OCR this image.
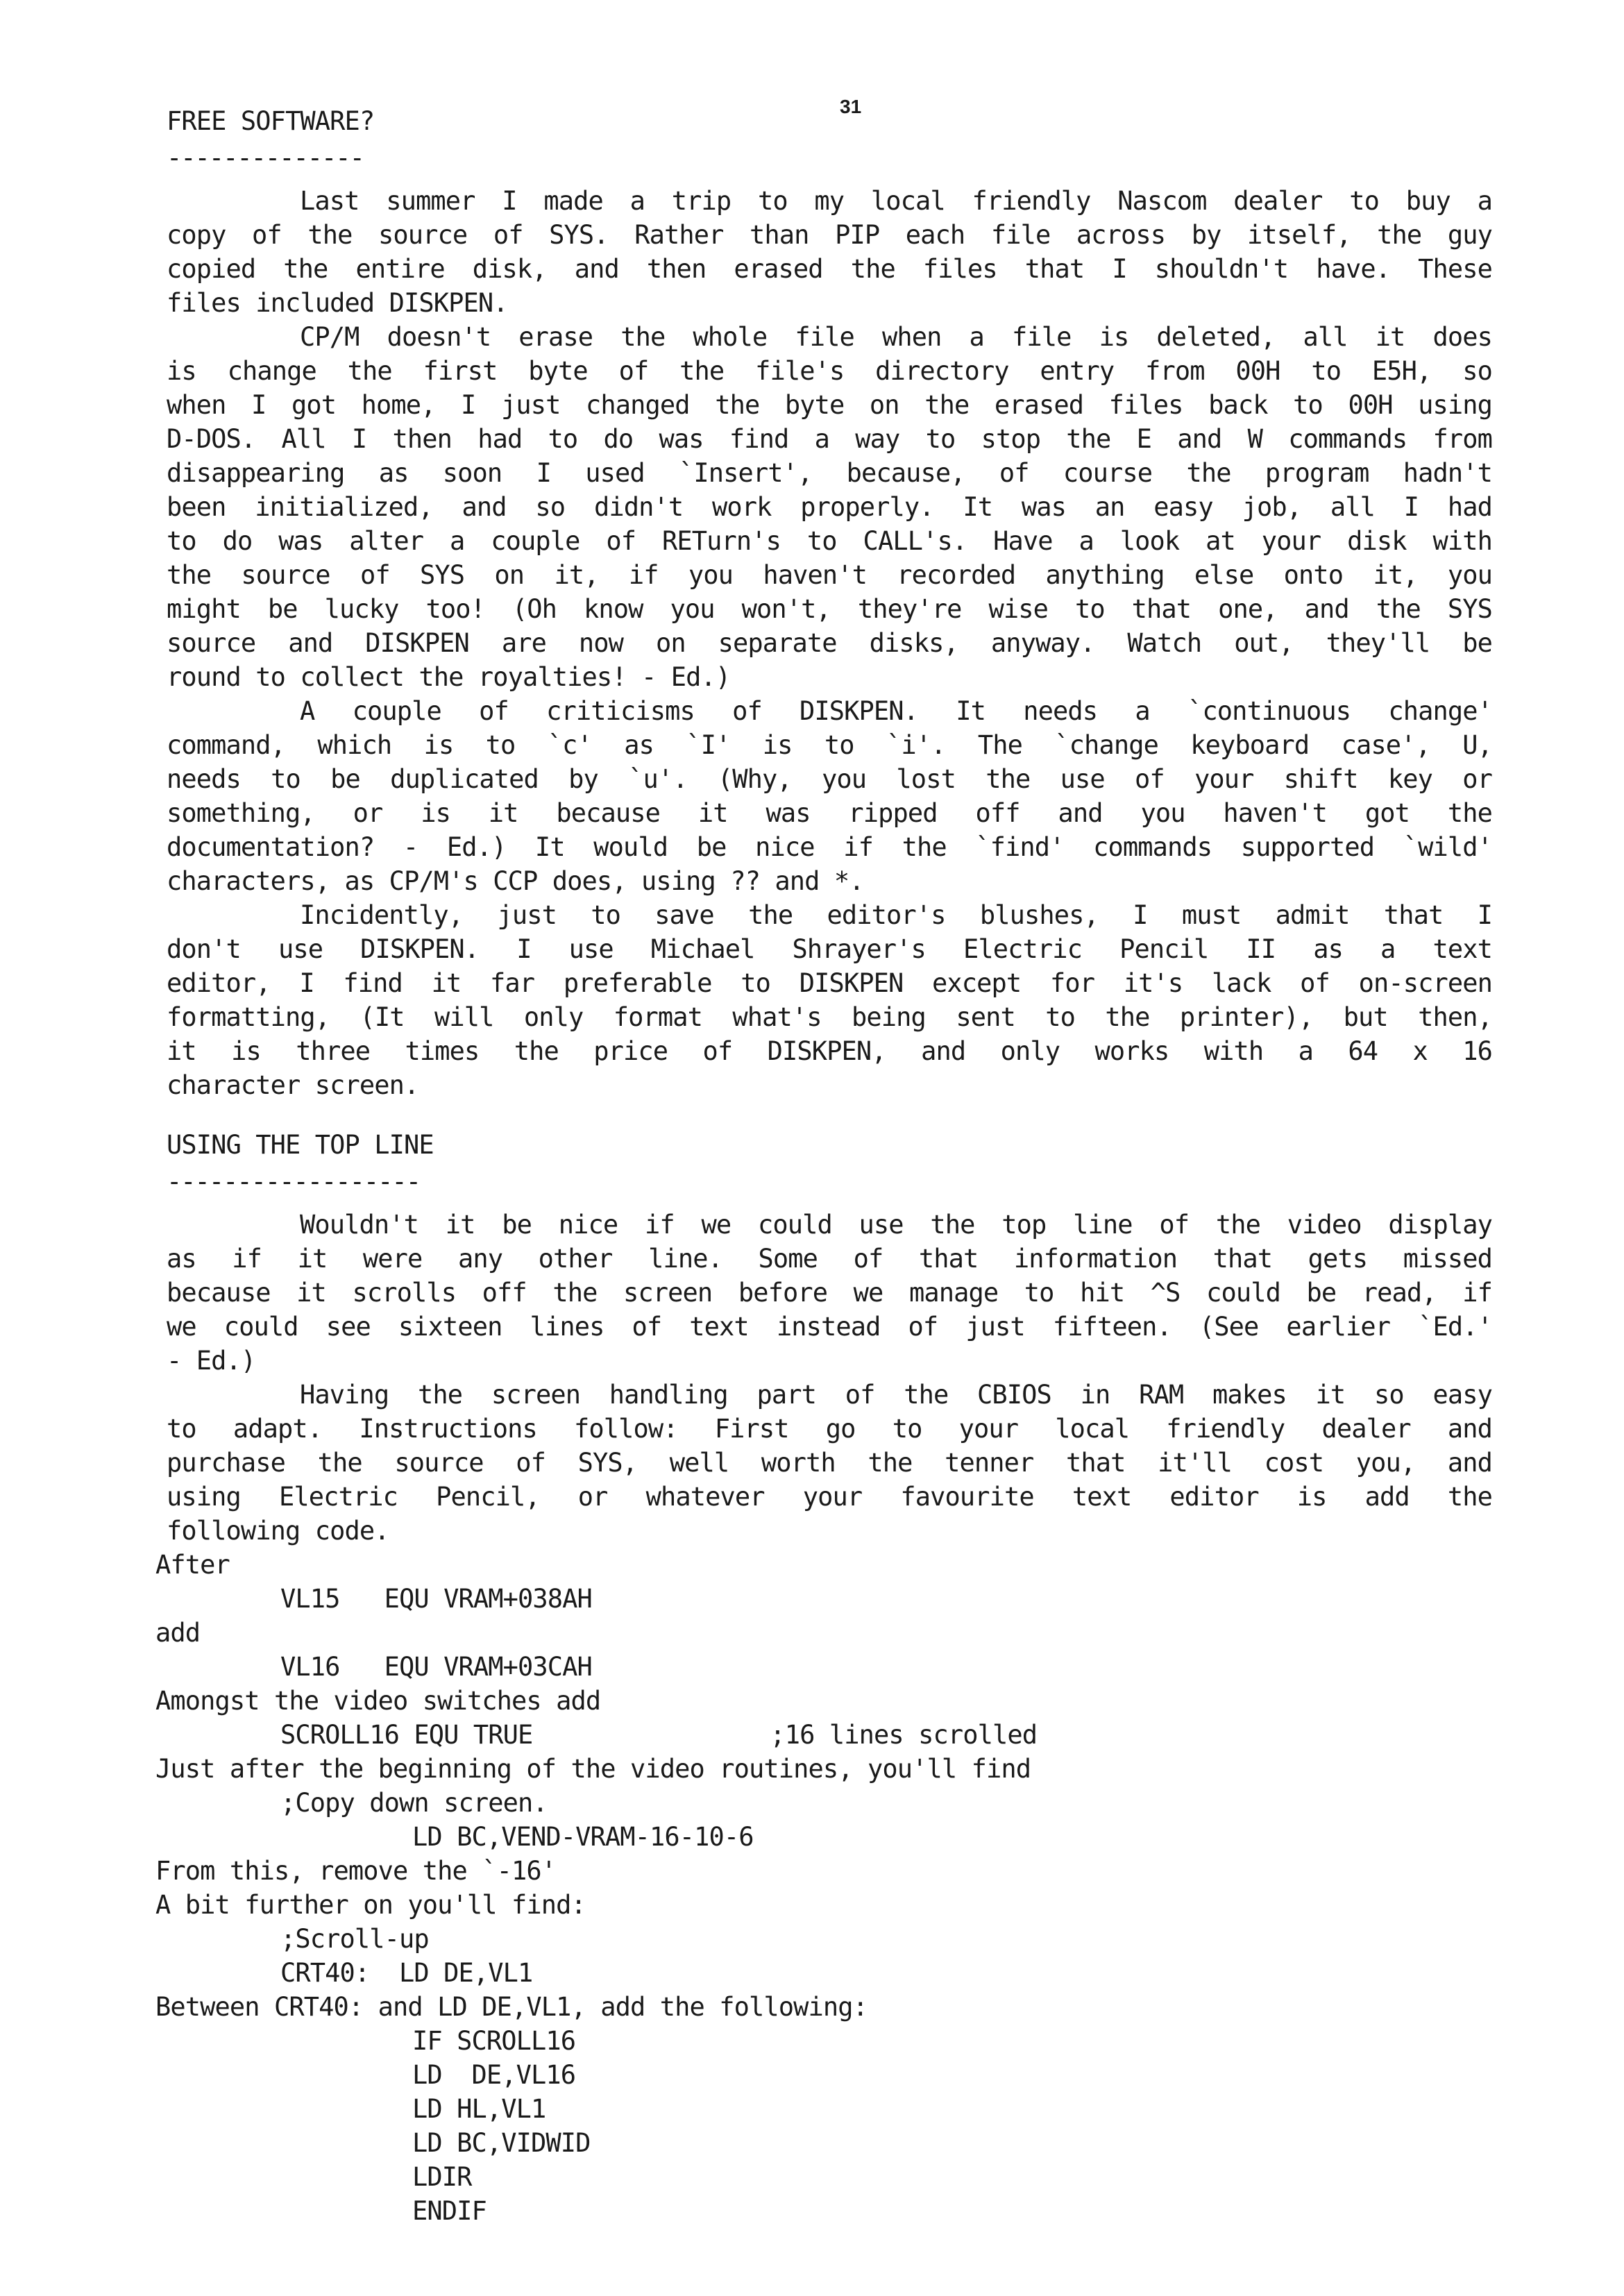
31
FREE SOFTWARE?
--------------
Last summer I made a trip to my local friendly Nascom dealer to buy a
copy of the source of SYS. Rather than PIP each file across by itself, the guy
copied the entire disk, and then erased the files that I shouldn't have. These
files included DISKPEN.
CP/M doesn't erase the whole file when a file is deleted, all it does
is change the first byte of the file's directory entry from 00H to E5H, so
when I got home, I just changed the byte on the erased files back to 00H using
D-DOS. All I then had to do was find a way to stop the E and W commands from
disappearing as soon I used `Insert', because, of course the program hadn't
been initialized, and so didn't work properly. It was an easy job, all I had
to do was alter a couple of RETurn's to CALL's. Have a look at your disk with
the source of SYS on it, if you haven't recorded anything else onto it, you
might be lucky too! (Oh know you won't, they're wise to that one, and the SYS
source and DISKPEN are now on separate disks, anyway. Watch out, they'll be
round to collect the royalties! - Ed.)
A couple of criticisms of DISKPEN. It needs a `continuous change'
command, which is to `c' as `I' is to `i'. The `change keyboard case', U,
needs to be duplicated by `u'. (Why, you lost the use of your shift key or
something, or is it because it was ripped off and you haven't got the
documentation? - Ed.) It would be nice if the `find' commands supported `wild'
characters, as CP/M's CCP does, using ?? and *.
Incidently, just to save the editor's blushes, I must admit that I
don't use DISKPEN. I use Michael Shrayer's Electric Pencil II as a text
editor, I find it far preferable to DISKPEN except for it's lack of on-screen
formatting, (It will only format what's being sent to the printer), but then,
it is three times the price of DISKPEN, and only works with a 64 x 16
character screen.
USING THE TOP LINE
------------------
Wouldn't it be nice if we could use the top line of the video display
as if it were any other line. Some of that information that gets missed
because it scrolls off the screen before we manage to hit ^S could be read, if
we could see sixteen lines of text instead of just fifteen. (See earlier `Ed.'
- Ed.)
Having the screen handling part of the CBIOS in RAM makes it so easy
to adapt. Instructions follow: First go to your local friendly dealer and
purchase the source of SYS, well worth the tenner that it'll cost you, and
using Electric Pencil, or whatever your favourite text editor is add the
following code.
After
VL15   EQU VRAM+038AH
add
VL16   EQU VRAM+03CAH
Amongst the video switches add
SCROLL16 EQU TRUE                ;16 lines scrolled
Just after the beginning of the video routines, you'll find
;Copy down screen.
LD BC,VEND-VRAM-16-10-6
From this, remove the `-16'
A bit further on you'll find:
;Scroll-up
CRT40:  LD DE,VL1
Between CRT40: and LD DE,VL1, add the following:
IF SCROLL16
LD  DE,VL16
LD HL,VL1
LD BC,VIDWID
LDIR
ENDIF
